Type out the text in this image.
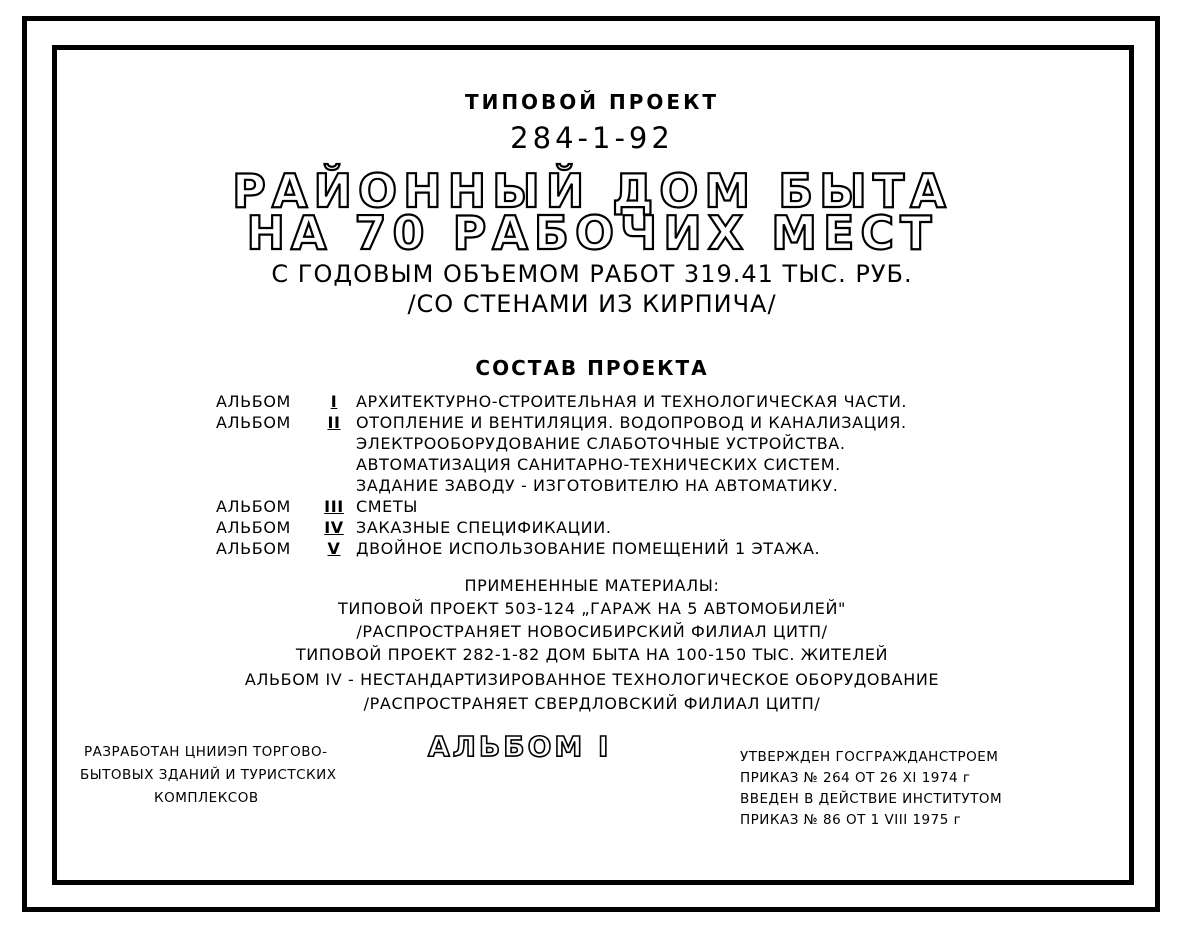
ТИПОВОЙ ПРОЕКТ
284-1-92
РАЙОННЫЙ ДОМ БЫТА
НА 70 РАБОЧИХ МЕСТ
С ГОДОВЫМ ОБЪЕМОМ РАБОТ 319.41 ТЫС. РУБ.
/СО СТЕНАМИ ИЗ КИРПИЧА/
СОСТАВ ПРОЕКТА
АЛЬБОМ	I	АРХИТЕКТУРНО-СТРОИТЕЛЬНАЯ И ТЕХНОЛОГИЧЕСКАЯ ЧАСТИ.
АЛЬБОМ	II ОТОПЛЕНИЕ И ВЕНТИЛЯЦИЯ. ВОДОПРОВОД И КАНАЛИЗАЦИЯ.
ЭЛЕКТРООБОРУДОВАНИЕ СЛАБОТОЧНЫЕ УСТРОЙСТВА.
АВТОМАТИЗАЦИЯ САНИТАРНО-ТЕХНИЧЕСКИХ СИСТЕМ.
ЗАДАНИЕ ЗАВОДУ - ИЗГОТОВИТЕЛЮ НА АВТОМАТИКУ.
АЛЬБОМ	III СМЕТЫ
АЛЬБОМ	IV ЗАКАЗНЫЕ СПЕЦИФИКАЦИИ.
АЛЬБОМ	V ДВОЙНОЕ ИСПОЛЬЗОВАНИЕ ПОМЕЩЕНИЙ 1 ЭТАЖА.
ПРИМЕНЕННЫЕ МАТЕРИАЛЫ:
ТИПОВОЙ ПРОЕКТ 503-124 „ГАРАЖ НА 5 АВТОМОБИЛЕЙ"
/РАСПРОСТРАНЯЕТ НОВОСИБИРСКИЙ ФИЛИАЛ ЦИТП/
ТИПОВОЙ ПРОЕКТ 282-1-82 ДОМ БЫТА НА 100-150 ТЫС. ЖИТЕЛЕЙ
АЛЬБОМ IV - НЕСТАНДАРТИЗИРОВАННОЕ ТЕХНОЛОГИЧЕСКОЕ ОБОРУДОВАНИЕ
/РАСПРОСТРАНЯЕТ СВЕРДЛОВСКИЙ ФИЛИАЛ ЦИТП/
АЛЬБОМ I
РАЗРАБОТАН ЦНИИЭП ТОРГОВО-
БЫТОВЫХ ЗДАНИЙ И ТУРИСТСКИХ
КОМПЛЕКСОВ
УТВЕРЖДЕН ГОСГРАЖДАНСТРОЕМ
ПРИКАЗ № 264 ОТ 26 XI 1974 г
ВВЕДЕН В ДЕЙСТВИЕ ИНСТИТУТОМ
ПРИКАЗ № 86 ОТ 1 VIII 1975 г
